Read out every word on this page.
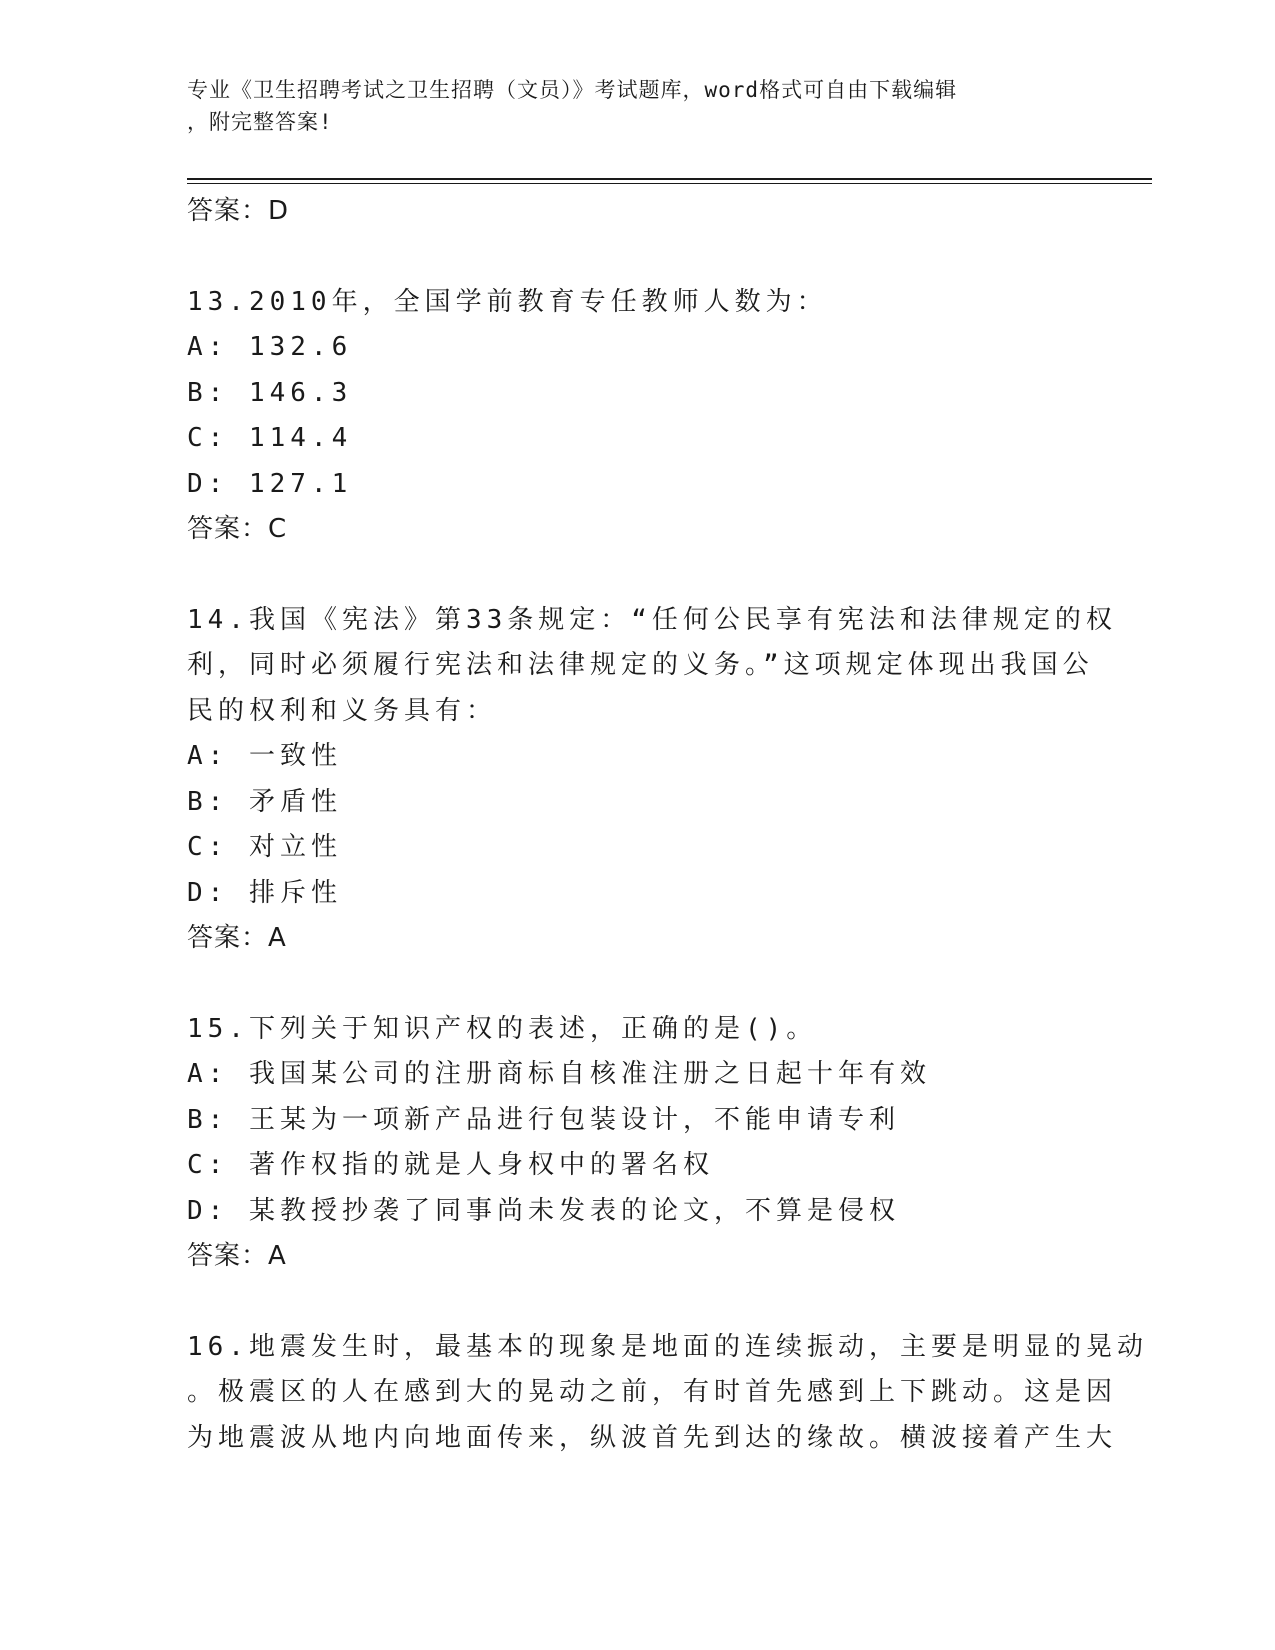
专业《卫生招聘考试之卫生招聘（文员）》考试题库，word格式可自由下载编辑
，附完整答案!
答案：D
13.2010年，全国学前教育专任教师人数为：
A: 132.6
B: 146.3
C: 114.4
D: 127.1
答案：C
14.我国《宪法》第33条规定：“任何公民享有宪法和法律规定的权
利，同时必须履行宪法和法律规定的义务。”这项规定体现出我国公
民的权利和义务具有：
A: 一致性
B: 矛盾性
C: 对立性
D: 排斥性
答案：A
15.下列关于知识产权的表述，正确的是()。
A: 我国某公司的注册商标自核准注册之日起十年有效
B: 王某为一项新产品进行包装设计，不能申请专利
C: 著作权指的就是人身权中的署名权
D: 某教授抄袭了同事尚未发表的论文，不算是侵权
答案：A
16.地震发生时，最基本的现象是地面的连续振动，主要是明显的晃动
。极震区的人在感到大的晃动之前，有时首先感到上下跳动。这是因
为地震波从地内向地面传来，纵波首先到达的缘故。横波接着产生大
